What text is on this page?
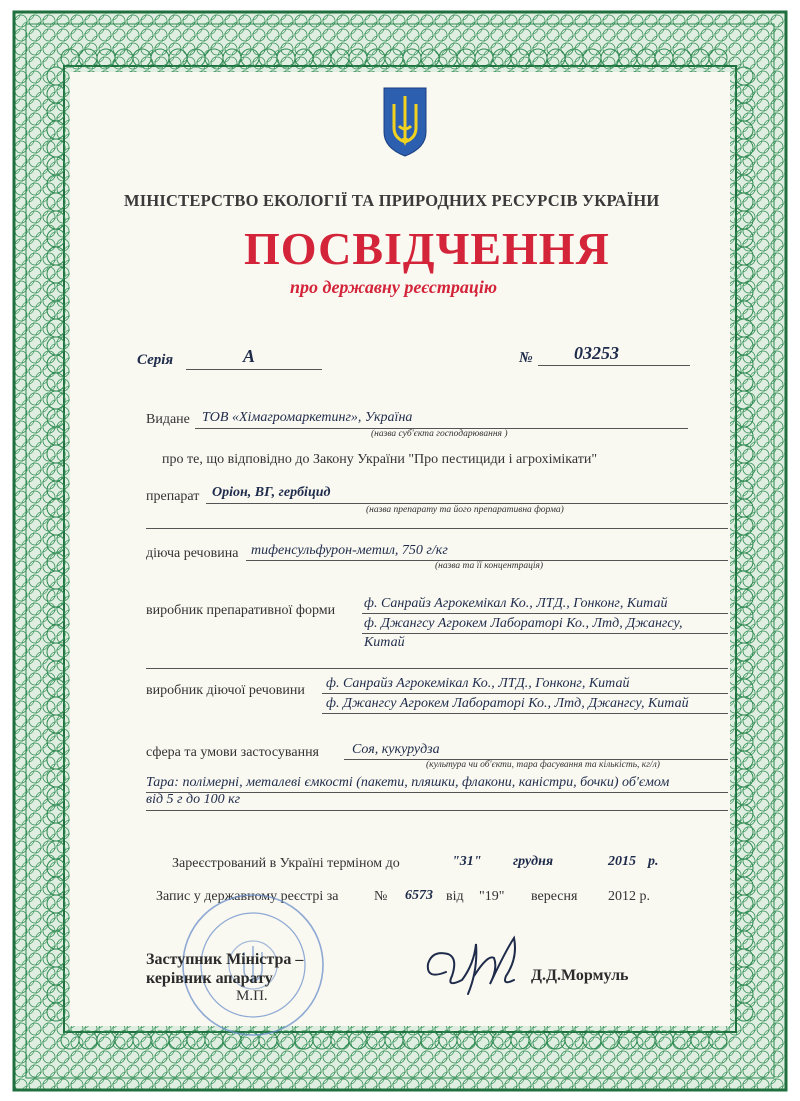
МІНІСТЕРСТВО ЕКОЛОГІЇ ТА ПРИРОДНИХ РЕСУРСІВ УКРАЇНИ
ПОСВІДЧЕННЯ
про державну реєстрацію
Серія	А	№ 03253
Видане ТОВ «Хімагромаркетинг», Україна
(назва суб'єкта господарювання )
про те, що відповідно до Закону України "Про пестициди і агрохімікати"
препарат Оріон, ВГ, гербіцид
(назва препарату та його препаративна форма)
діюча речовина тифенсульфурон-метил, 750 г/кг
(назва та її концентрація)
виробник препаративної форми ф. Санрайз Агрокемікал Ко., ЛТД., Гонконг, Китай
ф. Джангсу Агрокем Лабораторі Ко., Лтд, Джангсу,
Китай
виробник діючої речовини ф. Санрайз Агрокемікал Ко., ЛТД., Гонконг, Китай
ф. Джангсу Агрокем Лабораторі Ко., Лтд, Джангсу, Китай
сфера та умови застосування Соя, кукурудза
(культура чи об'єкти, тара фасування та кількість, кг/л)
Тара: полімерні, металеві ємкості (пакети, пляшки, флакони, каністри, бочки) об'ємом
від 5 г до 100 кг
Зареєстрований в Україні терміном до	"31" грудня	2015 р.
Запис у державному реєстрі за	№ 6573 від "19" вересня 2012 р.
Заступник Міністра –
керівник апарату
М.П.
Д.Д.Мормуль
